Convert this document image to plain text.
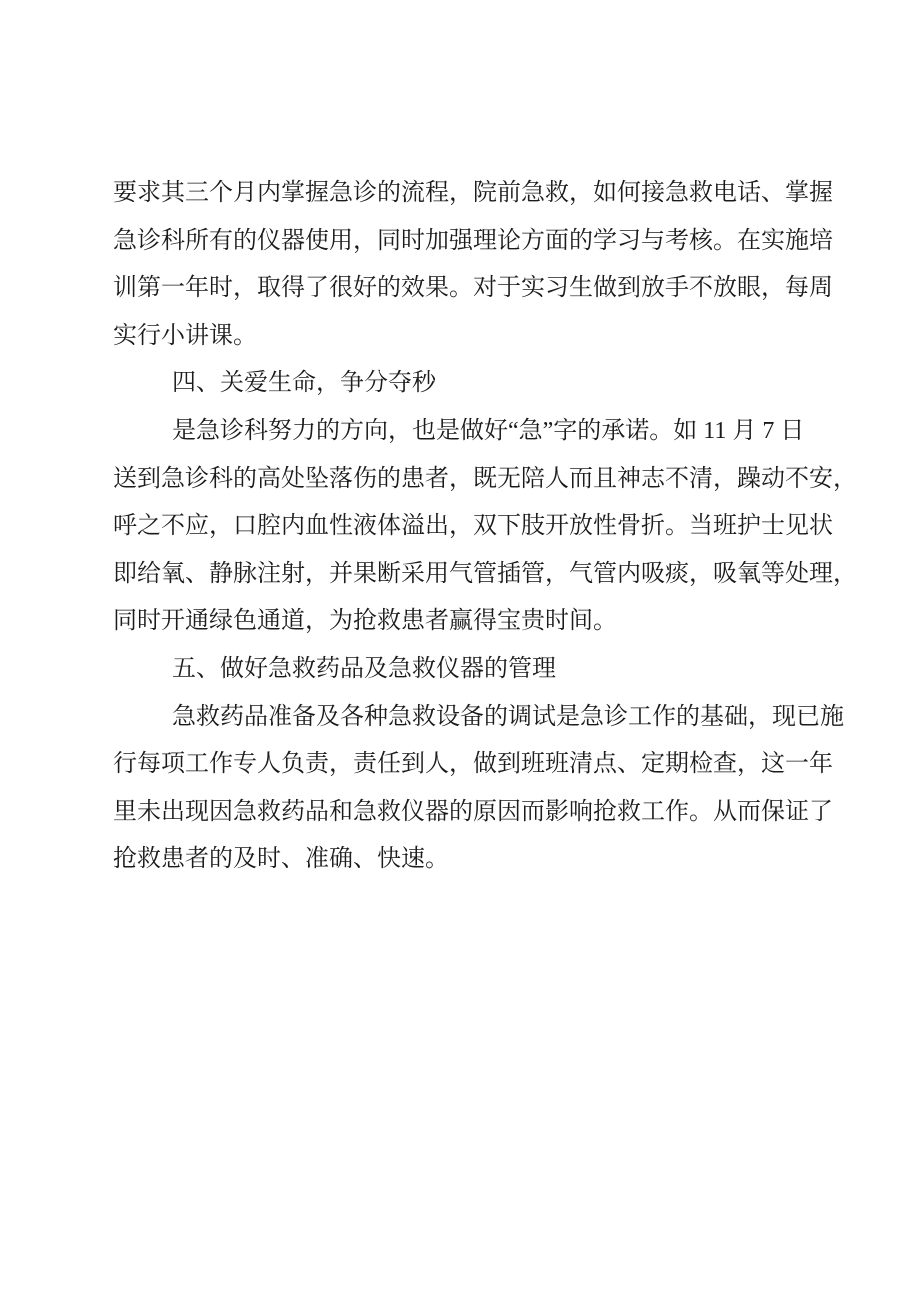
要求其三个月内掌握急诊的流程，院前急救，如何接急救电话、掌握
急诊科所有的仪器使用，同时加强理论方面的学习与考核。在实施培
训第一年时，取得了很好的效果。对于实习生做到放手不放眼，每周
实行小讲课。
四、关爱生命，争分夺秒
是急诊科努力的方向，也是做好“急”字的承诺。如 11 月 7 日
送到急诊科的高处坠落伤的患者，既无陪人而且神志不清，躁动不安，
呼之不应，口腔内血性液体溢出，双下肢开放性骨折。当班护士见状
即给氧、静脉注射，并果断采用气管插管，气管内吸痰，吸氧等处理，
同时开通绿色通道，为抢救患者赢得宝贵时间。
五、做好急救药品及急救仪器的管理
急救药品准备及各种急救设备的调试是急诊工作的基础，现已施
行每项工作专人负责，责任到人，做到班班清点、定期检查，这一年
里未出现因急救药品和急救仪器的原因而影响抢救工作。从而保证了
抢救患者的及时、准确、快速。
